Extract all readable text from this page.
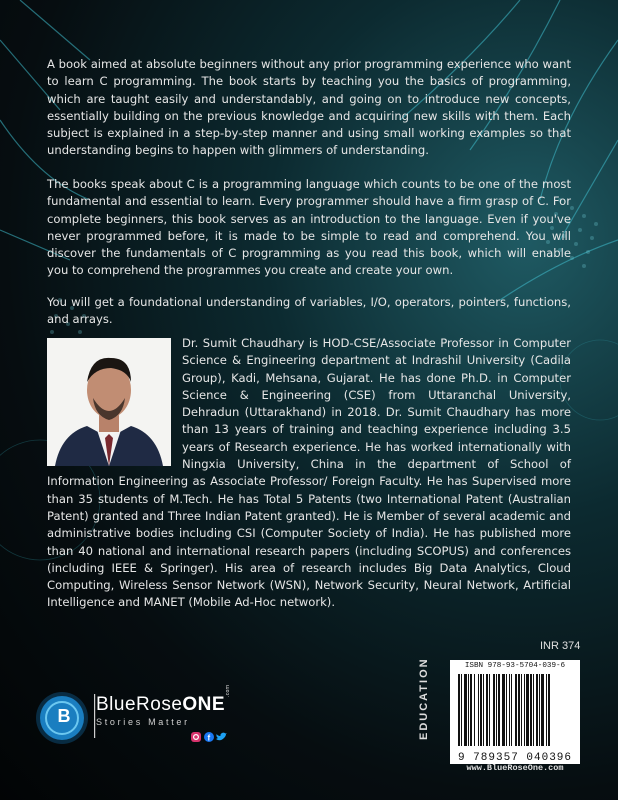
A book aimed at absolute beginners without any prior programming experience who want to learn C programming. The book starts by teaching you the basics of programming, which are taught easily and understandably, and going on to introduce new concepts, essentially building on the previous knowledge and acquiring new skills with them. Each subject is explained in a step-by-step manner and using small working examples so that understanding begins to happen with glimmers of understanding.
The books speak about C is a programming language which counts to be one of the most fundamental and essential to learn. Every programmer should have a firm grasp of C. For complete beginners, this book serves as an introduction to the language. Even if you've never programmed before, it is made to be simple to read and comprehend. You will discover the fundamentals of C programming as you read this book, which will enable you to comprehend the programmes you create and create your own.
You will get a foundational understanding of variables, I/O, operators, pointers, functions, and arrays.
Dr. Sumit Chaudhary is HOD-CSE/Associate Professor in Computer Science & Engineering department at Indrashil University (Cadila Group), Kadi, Mehsana, Gujarat. He has done Ph.D. in Computer Science & Engineering (CSE) from Uttaranchal University, Dehradun (Uttarakhand) in 2018. Dr. Sumit Chaudhary has more than 13 years of training and teaching experience including 3.5 years of Research experience. He has worked internationally with Ningxia University, China in the department of School of Information Engineering as Associate Professor/ Foreign Faculty. He has Supervised more than 35 students of M.Tech. He has Total 5 Patents (two International Patent (Australian Patent) granted and Three Indian Patent granted). He is Member of several academic and administrative bodies including CSI (Computer Society of India). He has published more than 40 national and international research papers (including SCOPUS) and conferences (including IEEE & Springer). His area of research includes Big Data Analytics, Cloud Computing, Wireless Sensor Network (WSN), Network Security, Neural Network, Artificial Intelligence and MANET (Mobile Ad-Hoc network).
INR 374
EDUCATION	ISBN 978-93-5704-039-6
9 789357 040396
www.BlueRoseOne.com
B
BlueRoseONE
.com
Stories Matter
f
